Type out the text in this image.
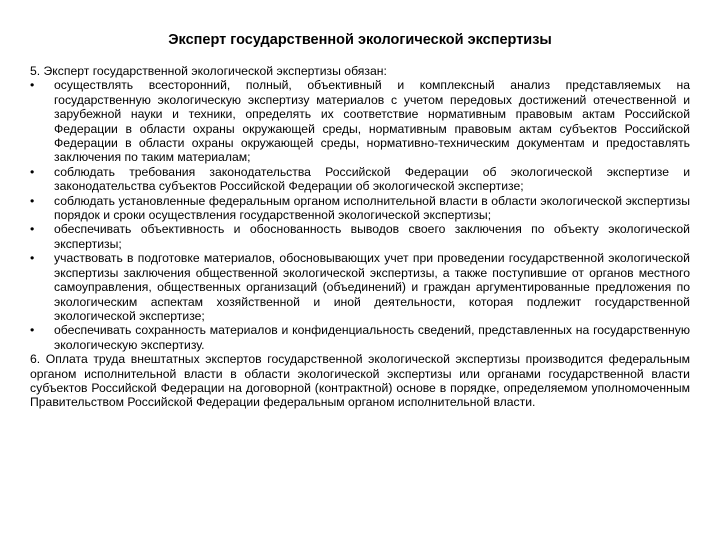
Эксперт государственной экологической экспертизы

5. Эксперт государственной экологической экспертизы обязан:

•	осуществлять всесторонний, полный, объективный и комплексный анализ представляемых на государственную экологическую экспертизу материалов с учетом передовых достижений отечественной и зарубежной науки и техники, определять их соответствие нормативным правовым актам Российской Федерации в области охраны окружающей среды, нормативным правовым актам субъектов Российской Федерации в области охраны окружающей среды, нормативно-техническим документам и предоставлять заключения по таким материалам;
•	соблюдать требования законодательства Российской Федерации об экологической экспертизе и законодательства субъектов Российской Федерации об экологической экспертизе;
•	соблюдать установленные федеральным органом исполнительной власти в области экологической экспертизы порядок и сроки осуществления государственной экологической экспертизы;
•	обеспечивать объективность и обоснованность выводов своего заключения по объекту экологической экспертизы;
•	участвовать в подготовке материалов, обосновывающих учет при проведении государственной экологической экспертизы заключения общественной экологической экспертизы, а также поступившие от органов местного самоуправления, общественных организаций (объединений) и граждан аргументированные предложения по экологическим аспектам хозяйственной и иной деятельности, которая подлежит государственной экологической экспертизе;
•	обеспечивать сохранность материалов и конфиденциальность сведений, представленных на государственную экологическую экспертизу.

6. Оплата труда внештатных экспертов государственной экологической экспертизы производится федеральным органом исполнительной власти в области экологической экспертизы или органами государственной власти субъектов Российской Федерации на договорной (контрактной) основе в порядке, определяемом уполномоченным Правительством Российской Федерации федеральным органом исполнительной власти.
